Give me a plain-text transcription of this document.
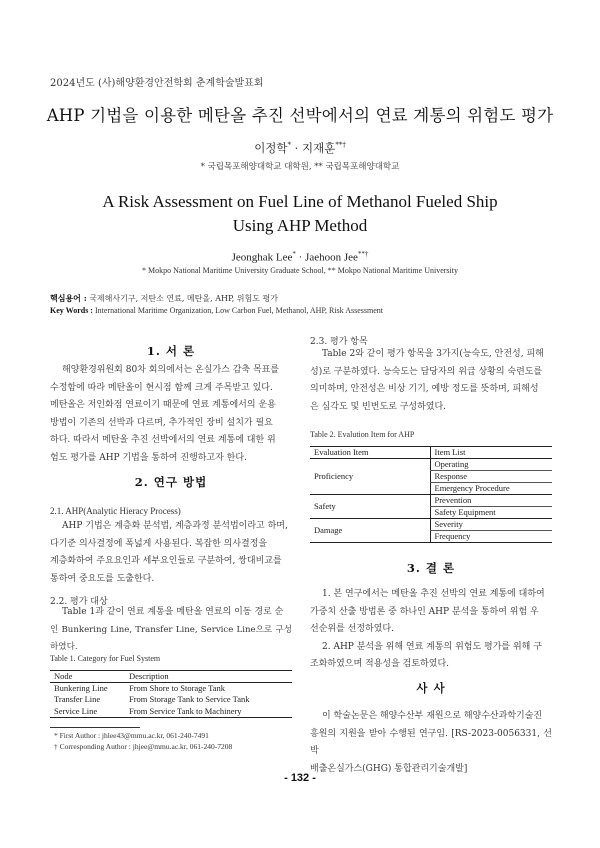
2024년도 (사)해양환경안전학회 춘계학술발표회
AHP 기법을 이용한 메탄올 추진 선박에서의 연료 계통의 위험도 평가
이정학* · 지재훈**†
* 국립목포해양대학교 대학원, ** 국립목포해양대학교
A Risk Assessment on Fuel Line of Methanol Fueled Ship
Using AHP Method
Jeonghak Lee* · Jaehoon Jee**†
* Mokpo National Maritime University Graduate School, ** Mokpo National Maritime University
핵심용어 : 국제해사기구, 저탄소 연료, 메탄올, AHP, 위험도 평가
Key Words : International Maritime Organization, Low Carbon Fuel, Methanol, AHP, Risk Assessment
1. 서 론
해양환경위원회 80차 회의에서는 온실가스 감축 목표를
수정함에 따라 메탄올이 현시점 함께 크게 주목받고 있다.
메탄올은 저인화점 연료이기 때문에 연료 계통에서의 운용
방법이 기존의 선박과 다르며, 추가적인 장비 설치가 필요
하다. 따라서 메탄올 추진 선박에서의 연료 계통에 대한 위
험도 평가를 AHP 기법을 통하여 진행하고자 한다.
2. 연구 방법
2.1. AHP(Analytic Hieracy Process)
AHP 기법은 계층화 분석법, 계층과정 분석법이라고 하며,
다기준 의사결정에 폭넓게 사용된다. 복잡한 의사결정을
계층화하여 주요요인과 세부요인들로 구분하여, 쌍대비교를
통하여 중요도를 도출한다.
2.2. 평가 대상
Table 1과 같이 연료 계통을 메탄올 연료의 이동 경로 순
인 Bunkering Line, Transfer Line, Service Line으로 구성하였다.
Table 1. Category for Fuel System
Node	Description
Bunkering Line	From Shore to Storage Tank
Transfer Line	From Storage Tank to Service Tank
Service Line	From Service Tank to Machinery
* First Author : jhlee43@mmu.ac.kr, 061-240-7491
† Corresponding Author : jhjee@mmu.ac.kr, 061-240-7208
2.3. 평가 항목
Table 2와 같이 평가 항목을 3가지(능숙도, 안전성, 피해
성)로 구분하였다. 능숙도는 담당자의 위급 상황의 숙련도를
의미하며, 안전성은 비상 기기, 예방 정도를 뜻하며, 피해성
은 심각도 및 빈번도로 구성하였다.
Table 2. Evalution Item for AHP
Evaluation Item	Item List
Proficiency	Operating
	Response
	Emergency Procedure
Safety	Prevention
	Safety Equipment
Damage	Severity
	Frequency
3. 결 론
1. 본 연구에서는 메탄올 추진 선박의 연료 계통에 대하여
가중치 산출 방법론 중 하나인 AHP 분석을 통하여 위험 우
선순위를 선정하였다.
2. AHP 분석을 위해 연료 계통의 위험도 평가를 위해 구
조화하였으며 적용성을 검토하였다.
사 사
이 학술논문은 해양수산부 재원으로 해양수산과학기술진
흥원의 지원을 받아 수행된 연구임. [RS-2023-0056331, 선박
배출온실가스(GHG) 통합관리기술개발]
- 132 -
